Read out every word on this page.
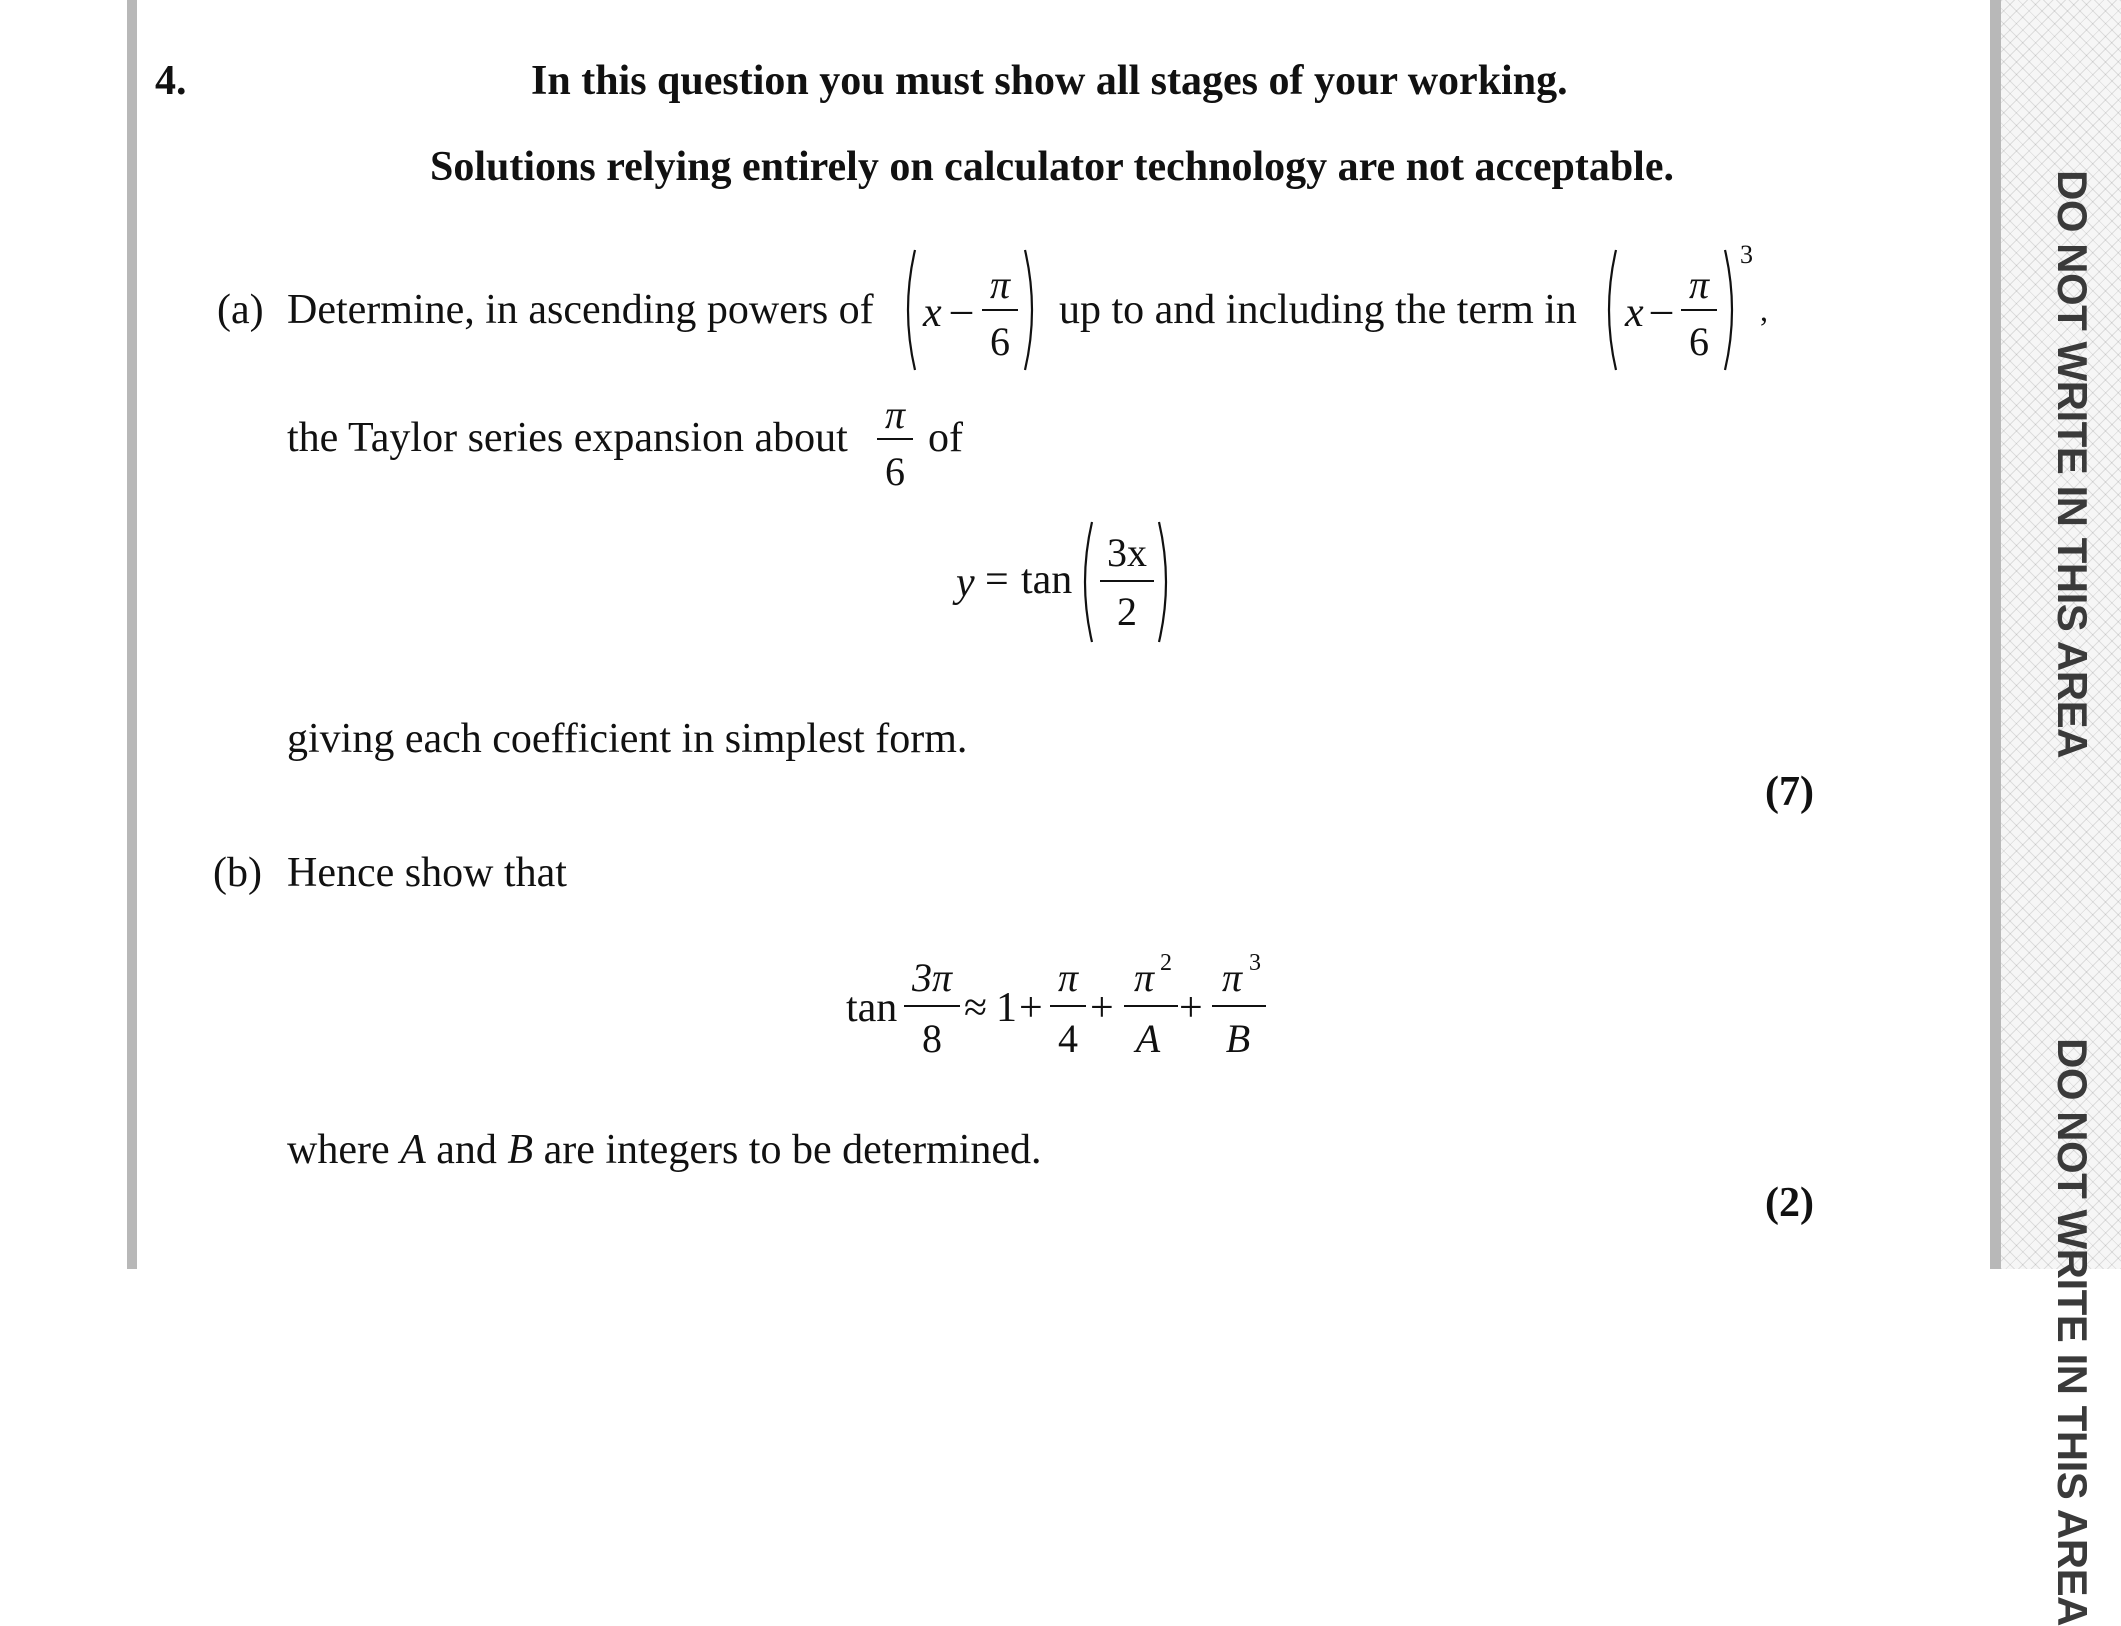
DO NOT WRITE IN THIS AREA
DO NOT WRITE IN THIS AREA
4.	In this question you must show all stages of your working.
Solutions relying entirely on calculator technology are not acceptable.
(a) Determine, in ascending powers of x –
π
6
up to and including the term in x –
π
6
3
,
the Taylor series expansion about
π
6
of
y = tan
3x
2
giving each coefficient in simplest form.
(7)
(b) Hence show that
tan
3π
8
≈ 1 +
π
4
+
π 2
A
+
π 3
B
where A and B are integers to be determined.
(2)
